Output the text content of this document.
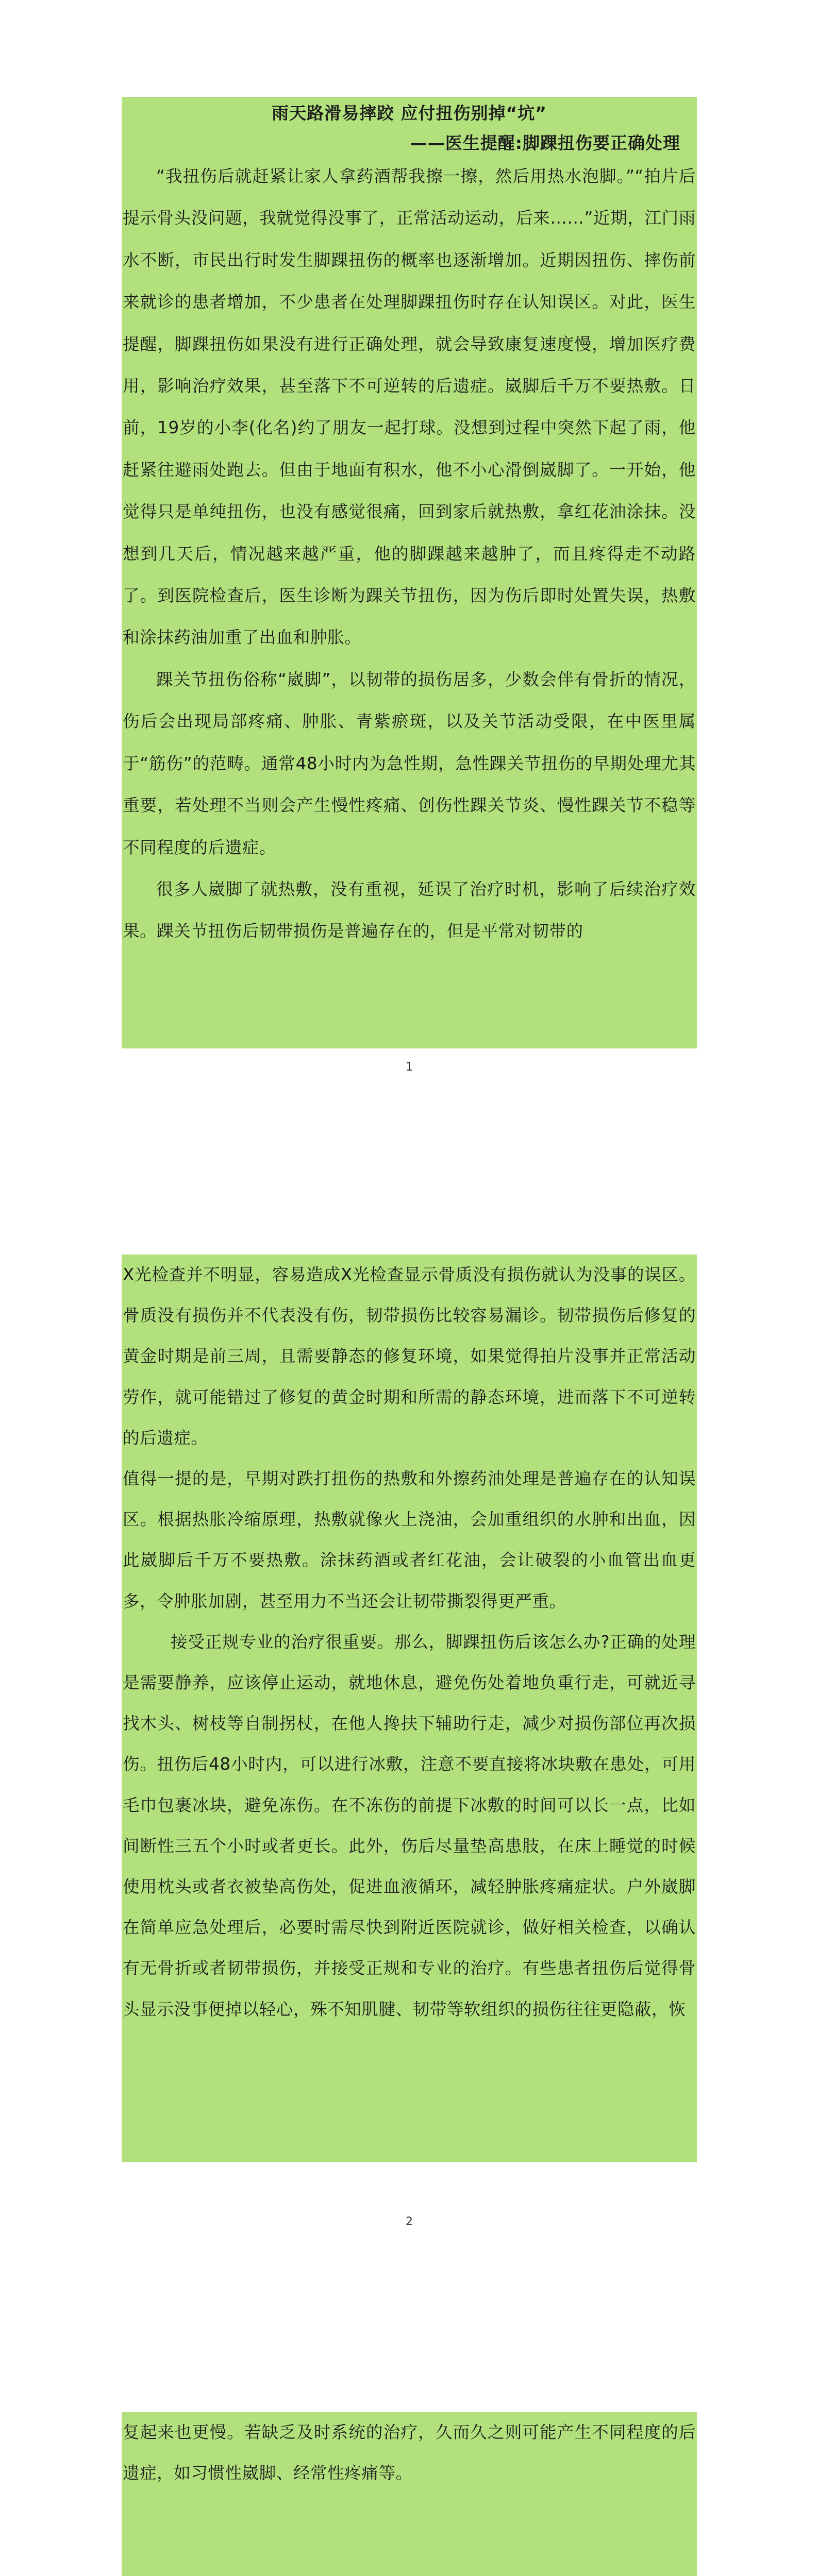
雨天路滑易摔跤 应付扭伤别掉“坑”
——医生提醒:脚踝扭伤要正确处理

“我扭伤后就赶紧让家人拿药酒帮我擦一擦，然后用热水泡脚。”“拍片后提示骨头没问题，我就觉得没事了，正常活动运动，后来……”近期，江门雨水不断，市民出行时发生脚踝扭伤的概率也逐渐增加。近期因扭伤、摔伤前来就诊的患者增加，不少患者在处理脚踝扭伤时存在认知误区。对此，医生提醒，脚踝扭伤如果没有进行正确处理，就会导致康复速度慢，增加医疗费用，影响治疗效果，甚至落下不可逆转的后遗症。崴脚后千万不要热敷。日前，19岁的小李(化名)约了朋友一起打球。没想到过程中突然下起了雨，他赶紧往避雨处跑去。但由于地面有积水，他不小心滑倒崴脚了。一开始，他觉得只是单纯扭伤，也没有感觉很痛，回到家后就热敷，拿红花油涂抹。没想到几天后，情况越来越严重，他的脚踝越来越肿了，而且疼得走不动路了。到医院检查后，医生诊断为踝关节扭伤，因为伤后即时处置失误，热敷和涂抹药油加重了出血和肿胀。

踝关节扭伤俗称“崴脚”，以韧带的损伤居多，少数会伴有骨折的情况，伤后会出现局部疼痛、肿胀、青紫瘀斑，以及关节活动受限，在中医里属于“筋伤”的范畴。通常48小时内为急性期，急性踝关节扭伤的早期处理尤其重要，若处理不当则会产生慢性疼痛、创伤性踝关节炎、慢性踝关节不稳等不同程度的后遗症。

很多人崴脚了就热敷，没有重视，延误了治疗时机，影响了后续治疗效果。踝关节扭伤后韧带损伤是普遍存在的，但是平常对韧带的

1

X光检查并不明显，容易造成X光检查显示骨质没有损伤就认为没事的误区。骨质没有损伤并不代表没有伤，韧带损伤比较容易漏诊。韧带损伤后修复的黄金时期是前三周，且需要静态的修复环境，如果觉得拍片没事并正常活动劳作，就可能错过了修复的黄金时期和所需的静态环境，进而落下不可逆转的后遗症。

值得一提的是，早期对跌打扭伤的热敷和外擦药油处理是普遍存在的认知误区。根据热胀冷缩原理，热敷就像火上浇油，会加重组织的水肿和出血，因此崴脚后千万不要热敷。涂抹药酒或者红花油，会让破裂的小血管出血更多，令肿胀加剧，甚至用力不当还会让韧带撕裂得更严重。

接受正规专业的治疗很重要。那么，脚踝扭伤后该怎么办?正确的处理是需要静养，应该停止运动，就地休息，避免伤处着地负重行走，可就近寻找木头、树枝等自制拐杖，在他人搀扶下辅助行走，减少对损伤部位再次损伤。扭伤后48小时内，可以进行冰敷，注意不要直接将冰块敷在患处，可用毛巾包裹冰块，避免冻伤。在不冻伤的前提下冰敷的时间可以长一点，比如间断性三五个小时或者更长。此外，伤后尽量垫高患肢，在床上睡觉的时候使用枕头或者衣被垫高伤处，促进血液循环，减轻肿胀疼痛症状。户外崴脚在简单应急处理后，必要时需尽快到附近医院就诊，做好相关检查，以确认有无骨折或者韧带损伤，并接受正规和专业的治疗。有些患者扭伤后觉得骨头显示没事便掉以轻心，殊不知肌腱、韧带等软组织的损伤往往更隐蔽，恢

2

复起来也更慢。若缺乏及时系统的治疗，久而久之则可能产生不同程度的后遗症，如习惯性崴脚、经常性疼痛等。
